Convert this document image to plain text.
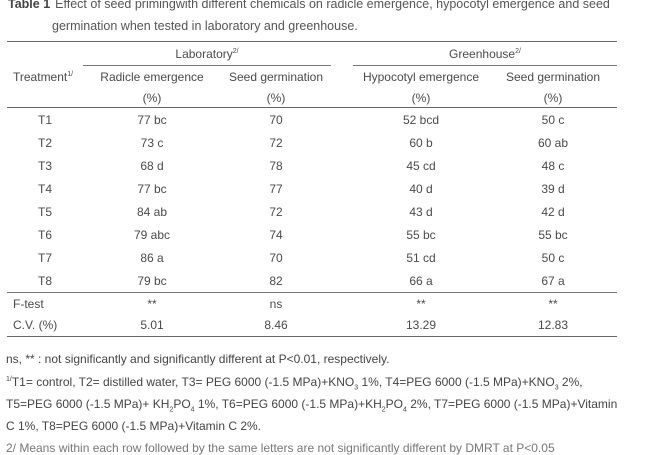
Table 1 Effect of seed primingwith different chemicals on radicle emergence, hypocotyl emergence and seed
germination when tested in laboratory and greenhouse.
Treatment$^{1/}$	Laboratory$^{2/}$			Greenhouse$^{2/}$
	Radicle emergence	Seed germination		Hypocotyl emergence	Seed germination
	(%)	(%)		(%)	(%)
T1	77 bc	70		52 bcd	50 c
T2	73 c	72		60 b	60 ab
T3	68 d	78		45 cd	48 c
T4	77 bc	77		40 d	39 d
T5	84 ab	72		43 d	42 d
T6	79 abc	74		55 bc	55 bc
T7	86 a	70		51 cd	50 c
T8	79 bc	82		66 a	67 a
F-test	**	ns		**	**
C.V. (%)	5.01	8.46		13.29	12.83

ns, ** : not significantly and significantly different at P<0.01, respectively.

$^{1/}$T1= control, T2= distilled water, T3= PEG 6000 (-1.5 $MPa)+KNO_3$ 1%, T4=PEG 6000 (-1.5 $MPa)+KNO_3$ 2%,
T5=PEG 6000 (-1.5 $MPa)+ KH_2PO_4$ 1%, T6=PEG 6000 (-1.5 $MPa)+KH_2PO_4$ 2%, T7=PEG 6000 (-1.5 MPa)+Vitamin
C 1%, T8=PEG 6000 (-1.5 MPa)+Vitamin C 2%.

2/ Means within each row followed by the same letters are not significantly different by DMRT at P<0.05
